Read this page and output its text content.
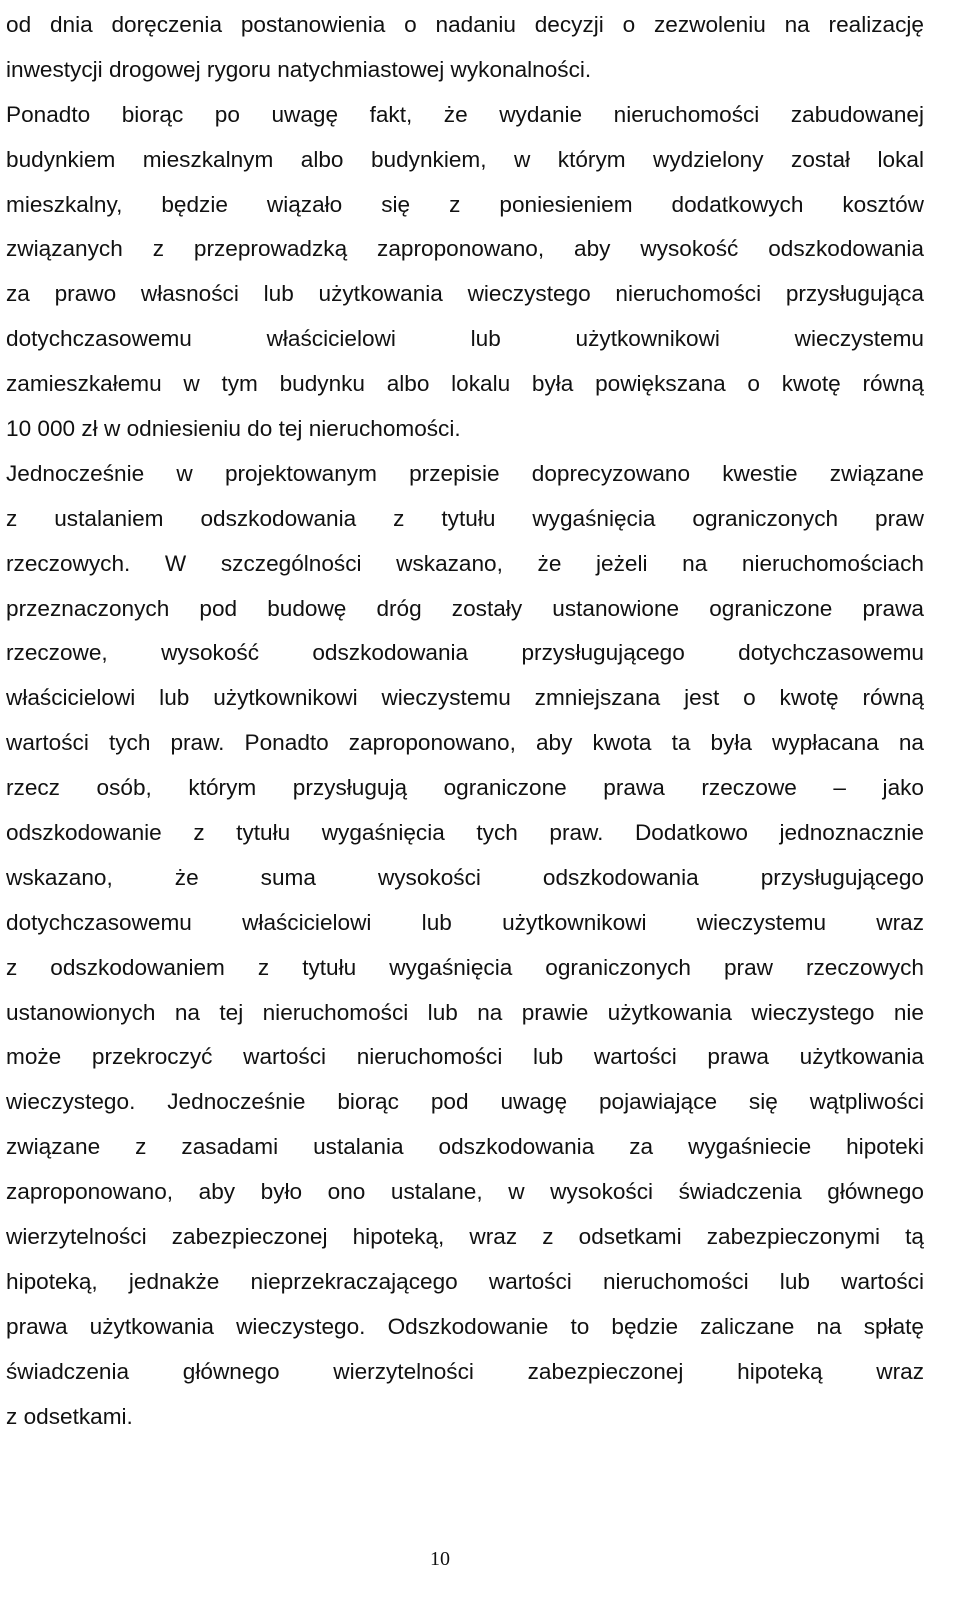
od dnia doręczenia postanowienia o nadaniu decyzji o zezwoleniu na realizację
inwestycji drogowej rygoru natychmiastowej wykonalności.

Ponadto biorąc po uwagę fakt, że wydanie nieruchomości zabudowanej
budynkiem mieszkalnym albo budynkiem, w którym wydzielony został lokal
mieszkalny, będzie wiązało się z poniesieniem dodatkowych kosztów
związanych z przeprowadzką zaproponowano, aby wysokość odszkodowania
za prawo własności lub użytkowania wieczystego nieruchomości przysługująca
dotychczasowemu właścicielowi lub użytkownikowi wieczystemu
zamieszkałemu w tym budynku albo lokalu była powiększana o kwotę równą
10 000 zł w odniesieniu do tej nieruchomości.

Jednocześnie w projektowanym przepisie doprecyzowano kwestie związane
z ustalaniem odszkodowania z tytułu wygaśnięcia ograniczonych praw
rzeczowych. W szczególności wskazano, że jeżeli na nieruchomościach
przeznaczonych pod budowę dróg zostały ustanowione ograniczone prawa
rzeczowe, wysokość odszkodowania przysługującego dotychczasowemu
właścicielowi lub użytkownikowi wieczystemu zmniejszana jest o kwotę równą
wartości tych praw. Ponadto zaproponowano, aby kwota ta była wypłacana na
rzecz osób, którym przysługują ograniczone prawa rzeczowe – jako
odszkodowanie z tytułu wygaśnięcia tych praw. Dodatkowo jednoznacznie
wskazano, że suma wysokości odszkodowania przysługującego
dotychczasowemu właścicielowi lub użytkownikowi wieczystemu wraz
z odszkodowaniem z tytułu wygaśnięcia ograniczonych praw rzeczowych
ustanowionych na tej nieruchomości lub na prawie użytkowania wieczystego nie
może przekroczyć wartości nieruchomości lub wartości prawa użytkowania
wieczystego. Jednocześnie biorąc pod uwagę pojawiające się wątpliwości
związane z zasadami ustalania odszkodowania za wygaśniecie hipoteki
zaproponowano, aby było ono ustalane, w wysokości świadczenia głównego
wierzytelności zabezpieczonej hipoteką, wraz z odsetkami zabezpieczonymi tą
hipoteką, jednakże nieprzekraczającego wartości nieruchomości lub wartości
prawa użytkowania wieczystego. Odszkodowanie to będzie zaliczane na spłatę
świadczenia głównego wierzytelności zabezpieczonej hipoteką wraz
z odsetkami.

10
